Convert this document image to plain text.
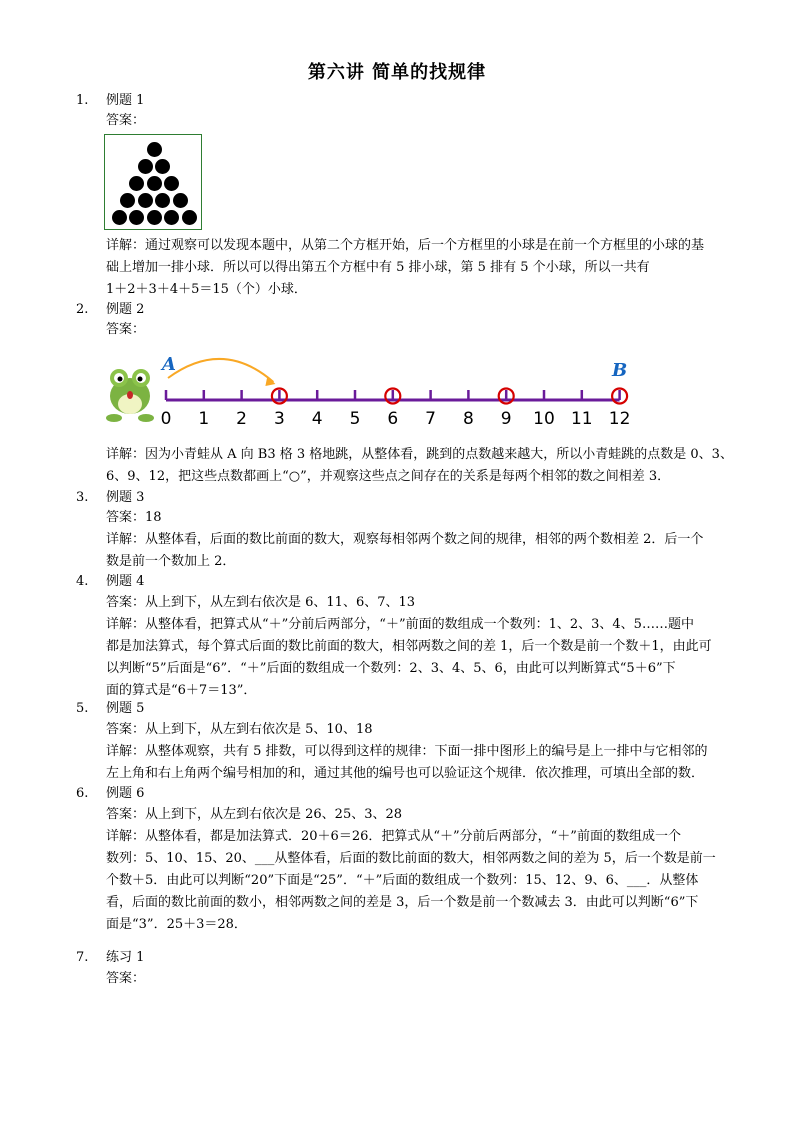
第六讲 简单的找规律
1. 例题 1
答案：
详解：通过观察可以发现本题中，从第二个方框开始，后一个方框里的小球是在前一个方框里的小球的基
础上增加一排小球．所以可以得出第五个方框中有 5 排小球，第 5 排有 5 个小球，所以一共有
1＋2＋3＋4＋5＝15（个）小球．
2. 例题 2
答案：
0 1 2 3 4 5 6 7 8 9 10 11 12
A	B
详解：因为小青蛙从 A 向 B3 格 3 格地跳，从整体看，跳到的点数越来越大，所以小青蛙跳的点数是 0、3、
6、9、12，把这些点数都画上“○”，并观察这些点之间存在的关系是每两个相邻的数之间相差 3．
3. 例题 3
答案：18
详解：从整体看，后面的数比前面的数大，观察每相邻两个数之间的规律，相邻的两个数相差 2．后一个
数是前一个数加上 2．
4. 例题 4
答案：从上到下，从左到右依次是 6、11、6、7、13
详解：从整体看，把算式从“＋”分前后两部分，“＋”前面的数组成一个数列：1、2、3、4、5……题中
都是加法算式，每个算式后面的数比前面的数大，相邻两数之间的差 1，后一个数是前一个数＋1，由此可
以判断“5”后面是“6”．“＋”后面的数组成一个数列：2、3、4、5、6，由此可以判断算式“5＋6”下
面的算式是“6＋7＝13”．
5. 例题 5
答案：从上到下，从左到右依次是 5、10、18
详解：从整体观察，共有 5 排数，可以得到这样的规律：下面一排中图形上的编号是上一排中与它相邻的
左上角和右上角两个编号相加的和，通过其他的编号也可以验证这个规律．依次推理，可填出全部的数．
6. 例题 6
答案：从上到下，从左到右依次是 26、25、3、28
详解：从整体看，都是加法算式．20＋6＝26．把算式从“＋”分前后两部分，“＋”前面的数组成一个
数列：5、10、15、20、___从整体看，后面的数比前面的数大，相邻两数之间的差为 5，后一个数是前一
个数＋5．由此可以判断“20”下面是“25”．“＋”后面的数组成一个数列：15、12、9、6、___．从整体
看，后面的数比前面的数小，相邻两数之间的差是 3，后一个数是前一个数减去 3．由此可以判断“6”下
面是“3”．25＋3＝28．
7. 练习 1
答案：
